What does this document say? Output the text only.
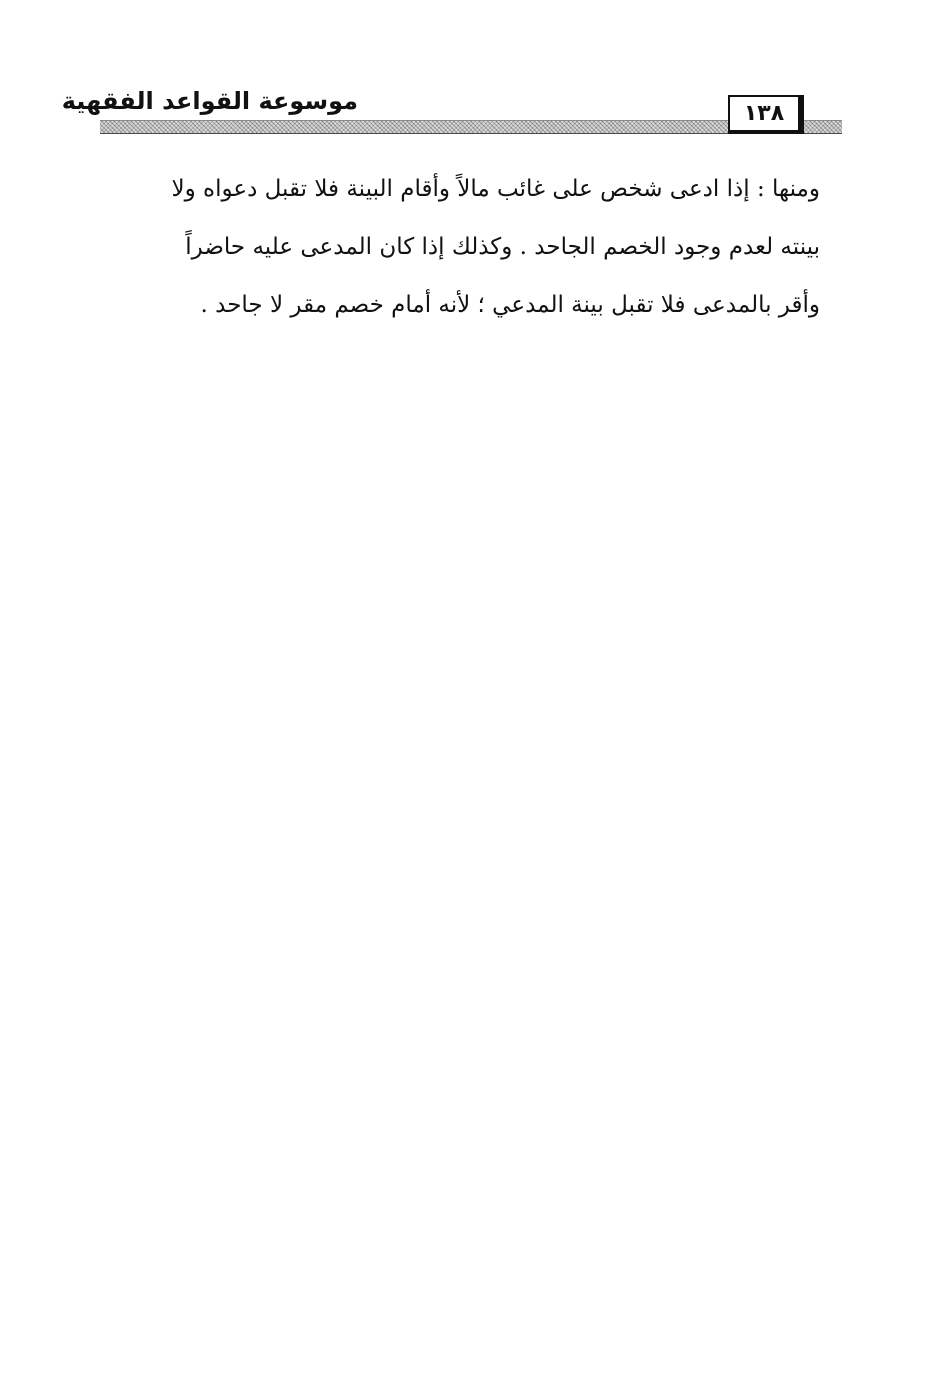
موسوعة القواعد الفقهية	١٣٨
ومنها : إذا ادعى شخص على غائب مالاً وأقام البينة فلا تقبل دعواه ولا
بينته لعدم وجود الخصم الجاحد . وكذلك إذا كان المدعى عليه حاضراً
وأقر بالمدعى فلا تقبل بينة المدعي ؛ لأنه أمام خصم مقر لا جاحد .
